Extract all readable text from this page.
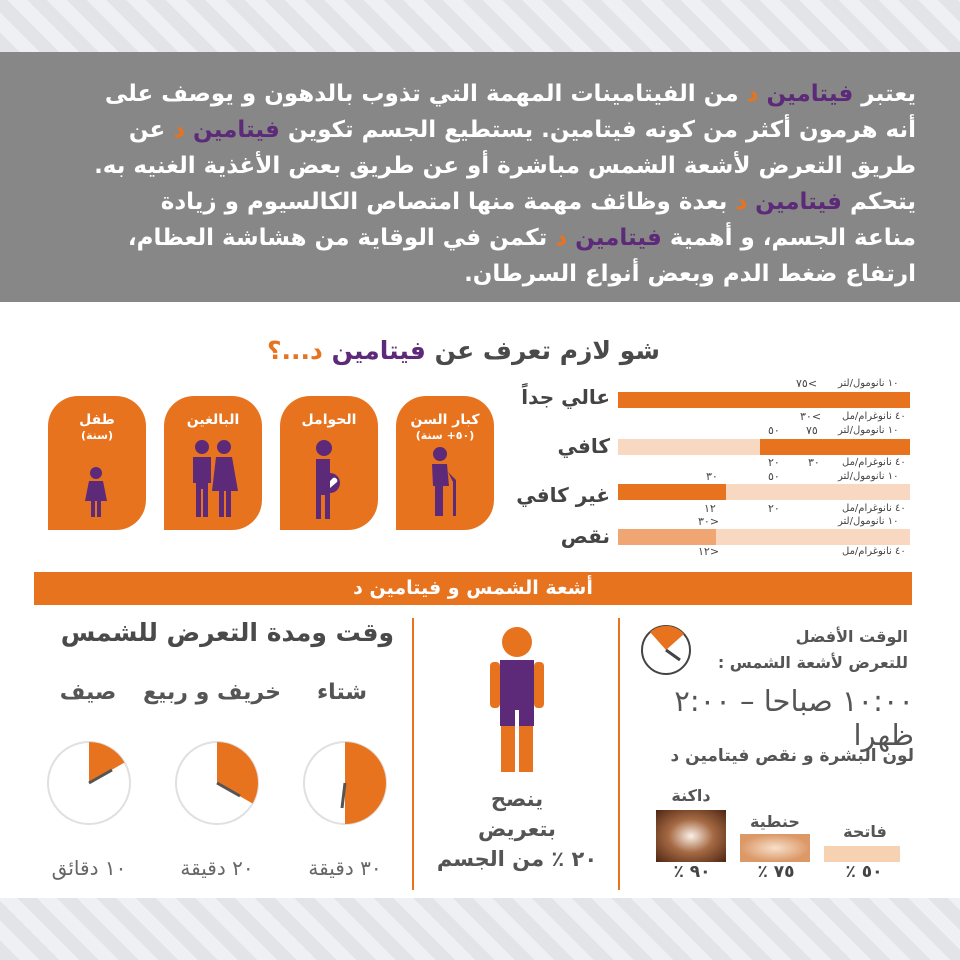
يعتبر فيتامين د من الفيتامينات المهمة التي تذوب بالدهون و يوصف على
أنه هرمون أكثر من كونه فيتامين. يستطيع الجسم تكوين فيتامين د عن
طريق التعرض لأشعة الشمس مباشرة أو عن طريق بعض الأغذية الغنيه به.
يتحكم فيتامين د بعدة وظائف مهمة منها امتصاص الكالسيوم و زيادة
مناعة الجسم، و أهمية فيتامين د تكمن في الوقاية من هشاشة العظام،
ارتفاع ضغط الدم وبعض أنواع السرطان.
شو لازم تعرف عن فيتامين د...؟
كبار السن
(٥٠+ سنة)
الحوامل
البالغين
طفل
(سنة)
عالي جداً
١٠ نانومول/لتر
٧٥<
٤٠ نانوغرام/مل
٣٠<
كافي
١٠ نانومول/لتر
٧٥
٥٠
٤٠ نانوغرام/مل
٣٠
٢٠
غير كافي
١٠ نانومول/لتر
٥٠
٣٠
٤٠ نانوغرام/مل
٢٠
١٢
نقص
١٠ نانومول/لتر
٣٠>
٤٠ نانوغرام/مل
١٢>
أشعة الشمس و فيتامين د
وقت ومدة التعرض للشمس
شتاء
خريف و ربيع
صيف
٣٠ دقيقة
٢٠ دقيقة
١٠ دقائق
ينصح
بتعريض
٢٠ ٪ من الجسم
الوقت الأفضل
للتعرض لأشعة الشمس :
١٠:٠٠ صباحا – ٢:٠٠ ظهرا
لون البشرة و نقص فيتامين د
فاتحة
حنطية
داكنة
٥٠ ٪
٧٥ ٪
٩٠ ٪
